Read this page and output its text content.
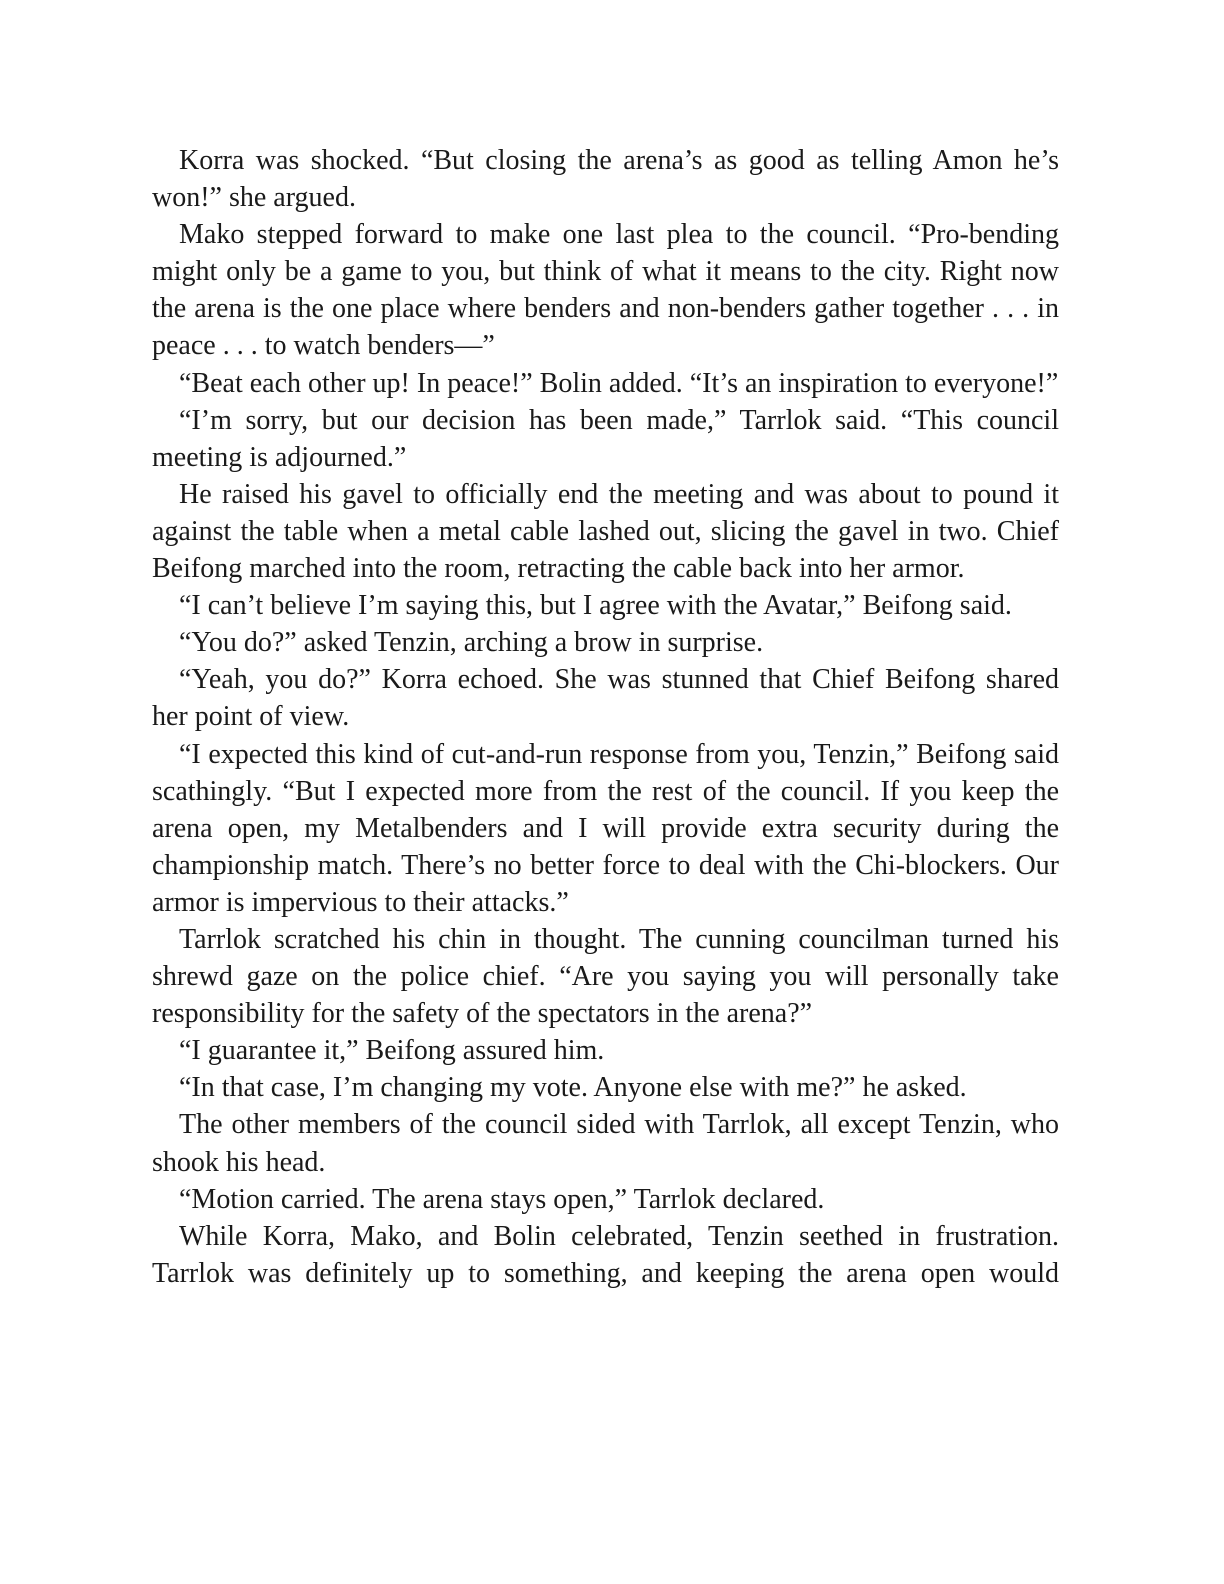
Korra was shocked. “But closing the arena’s as good as telling Amon he’s won!” she argued.

Mako stepped forward to make one last plea to the council. “Pro-bending might only be a game to you, but think of what it means to the city. Right now the arena is the one place where benders and non-benders gather together . . . in peace . . . to watch benders—”

“Beat each other up! In peace!” Bolin added. “It’s an inspiration to everyone!”

“I’m sorry, but our decision has been made,” Tarrlok said. “This council meeting is adjourned.”

He raised his gavel to officially end the meeting and was about to pound it against the table when a metal cable lashed out, slicing the gavel in two. Chief Beifong marched into the room, retracting the cable back into her armor.

“I can’t believe I’m saying this, but I agree with the Avatar,” Beifong said.

“You do?” asked Tenzin, arching a brow in surprise.

“Yeah, you do?” Korra echoed. She was stunned that Chief Beifong shared her point of view.

“I expected this kind of cut-and-run response from you, Tenzin,” Beifong said scathingly. “But I expected more from the rest of the council. If you keep the arena open, my Metalbenders and I will provide extra security during the championship match. There’s no better force to deal with the Chi-blockers. Our armor is impervious to their attacks.”

Tarrlok scratched his chin in thought. The cunning councilman turned his shrewd gaze on the police chief. “Are you saying you will personally take responsibility for the safety of the spectators in the arena?”

“I guarantee it,” Beifong assured him.

“In that case, I’m changing my vote. Anyone else with me?” he asked.

The other members of the council sided with Tarrlok, all except Tenzin, who shook his head.

“Motion carried. The arena stays open,” Tarrlok declared.

While Korra, Mako, and Bolin celebrated, Tenzin seethed in frustration. Tarrlok was definitely up to something, and keeping the arena open would
